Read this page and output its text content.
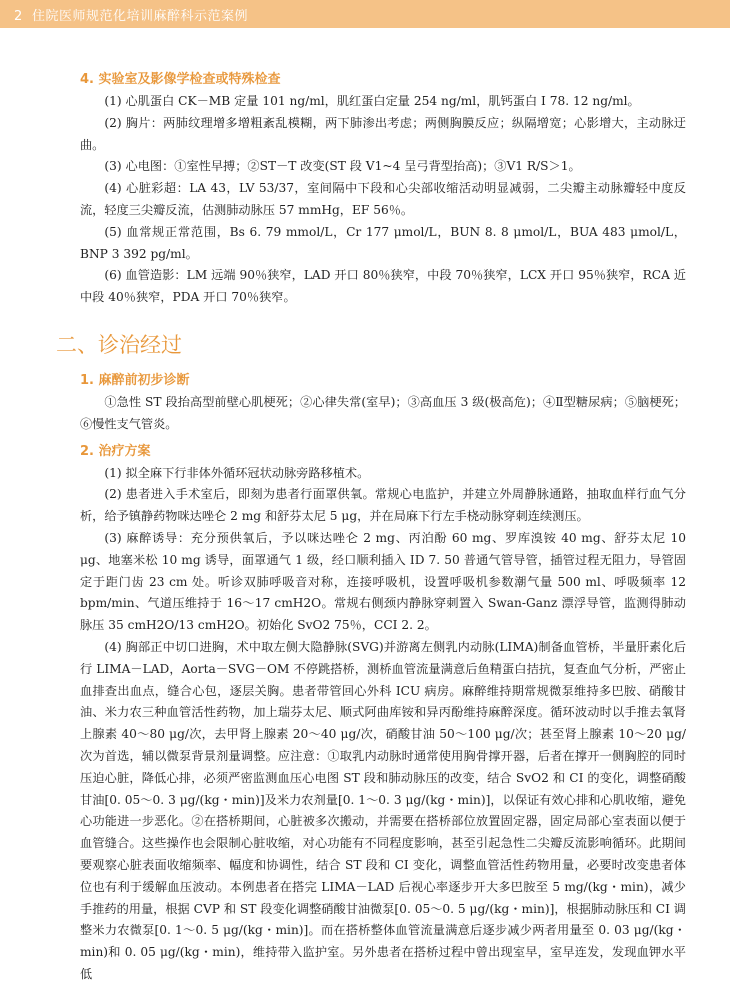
2 住院医师规范化培训麻醉科示范案例
4. 实验室及影像学检查或特殊检查

(1) 心肌蛋白 CK－MB 定量 101 ng/ml，肌红蛋白定量 254 ng/ml，肌钙蛋白 I 78. 12 ng/ml。

(2) 胸片：两肺纹理增多增粗紊乱模糊，两下肺渗出考虑；两侧胸膜反应；纵隔增宽；心影增大，主动脉迂曲。

(3) 心电图：①室性早搏；②ST－T 改变(ST 段 V1~4 呈弓背型抬高)；③V1 R/S＞1。

(4) 心脏彩超：LA 43，LV 53/37，室间隔中下段和心尖部收缩活动明显减弱，二尖瓣主动脉瓣轻中度反流，轻度三尖瓣反流，估测肺动脉压 57 mmHg，EF 56％。

(5) 血常规正常范围，Bs 6. 79 mmol/L，Cr 177 μmol/L，BUN 8. 8 μmol/L，BUA 483 μmol/L，BNP 3 392 pg/ml。

(6) 血管造影：LM 远端 90％狭窄，LAD 开口 80％狭窄，中段 70％狭窄，LCX 开口 95％狭窄，RCA 近中段 40％狭窄，PDA 开口 70％狭窄。

二、诊治经过
1. 麻醉前初步诊断

①急性 ST 段抬高型前壁心肌梗死；②心律失常(室早)；③高血压 3 级(极高危)；④Ⅱ型糖尿病；⑤脑梗死；⑥慢性支气管炎。

2. 治疗方案

(1) 拟全麻下行非体外循环冠状动脉旁路移植术。

(2) 患者进入手术室后，即刻为患者行面罩供氧。常规心电监护，并建立外周静脉通路，抽取血样行血气分析，给予镇静药物咪达唑仑 2 mg 和舒芬太尼 5 μg，并在局麻下行左手桡动脉穿刺连续测压。

(3) 麻醉诱导：充分预供氧后，予以咪达唑仑 2 mg、丙泊酚 60 mg、罗库溴铵 40 mg、舒芬太尼 10 μg、地塞米松 10 mg 诱导，面罩通气 1 级，经口顺利插入 ID 7. 50 普通气管导管，插管过程无阻力，导管固定于距门齿 23 cm 处。听诊双肺呼吸音对称，连接呼吸机，设置呼吸机参数潮气量 500 ml、呼吸频率 12 bpm/min、气道压维持于 16～17 cmH2O。常规右侧颈内静脉穿刺置入 Swan-Ganz 漂浮导管，监测得肺动脉压 35 cmH2O/13 cmH2O。初始化 SvO2 75％，CCI 2. 2。

(4) 胸部正中切口进胸，术中取左侧大隐静脉(SVG)并游离左侧乳内动脉(LIMA)制备血管桥，半量肝素化后行 LIMA－LAD，Aorta－SVG－OM 不停跳搭桥，测桥血管流量满意后鱼精蛋白拮抗，复查血气分析，严密止血排查出血点，缝合心包，逐层关胸。患者带管回心外科 ICU 病房。麻醉维持期常规微泵维持多巴胺、硝酸甘油、米力农三种血管活性药物，加上瑞芬太尼、顺式阿曲库铵和异丙酚维持麻醉深度。循环波动时以手推去氧肾上腺素 40～80 μg/次，去甲肾上腺素 20～40 μg/次，硝酸甘油 50～100 μg/次；甚至肾上腺素 10～20 μg/次为首选，辅以微泵背景剂量调整。应注意：①取乳内动脉时通常使用胸骨撑开器，后者在撑开一侧胸腔的同时压迫心脏，降低心排，必须严密监测血压心电图 ST 段和肺动脉压的改变，结合 SvO2 和 CI 的变化，调整硝酸甘油[0. 05～0. 3 μg/(kg・min)]及米力农剂量[0. 1～0. 3 μg/(kg・min)]，以保证有效心排和心肌收缩，避免心功能进一步恶化。②在搭桥期间，心脏被多次搬动，并需要在搭桥部位放置固定器，固定局部心室表面以便于血管缝合。这些操作也会限制心脏收缩，对心功能有不同程度影响，甚至引起急性二尖瓣反流影响循环。此期间要观察心脏表面收缩频率、幅度和协调性，结合 ST 段和 CI 变化，调整血管活性药物用量，必要时改变患者体位也有利于缓解血压波动。本例患者在搭完 LIMA－LAD 后视心率逐步开大多巴胺至 5 mg/(kg・min)，减少手推药的用量，根据 CVP 和 ST 段变化调整硝酸甘油微泵[0. 05～0. 5 μg/(kg・min)]，根据肺动脉压和 CI 调整米力农微泵[0. 1～0. 5 μg/(kg・min)]。而在搭桥整体血管流量满意后逐步减少两者用量至 0. 03 μg/(kg・min)和 0. 05 μg/(kg・min)，维持带入监护室。另外患者在搭桥过程中曾出现室早，室早连发，发现血钾水平低
